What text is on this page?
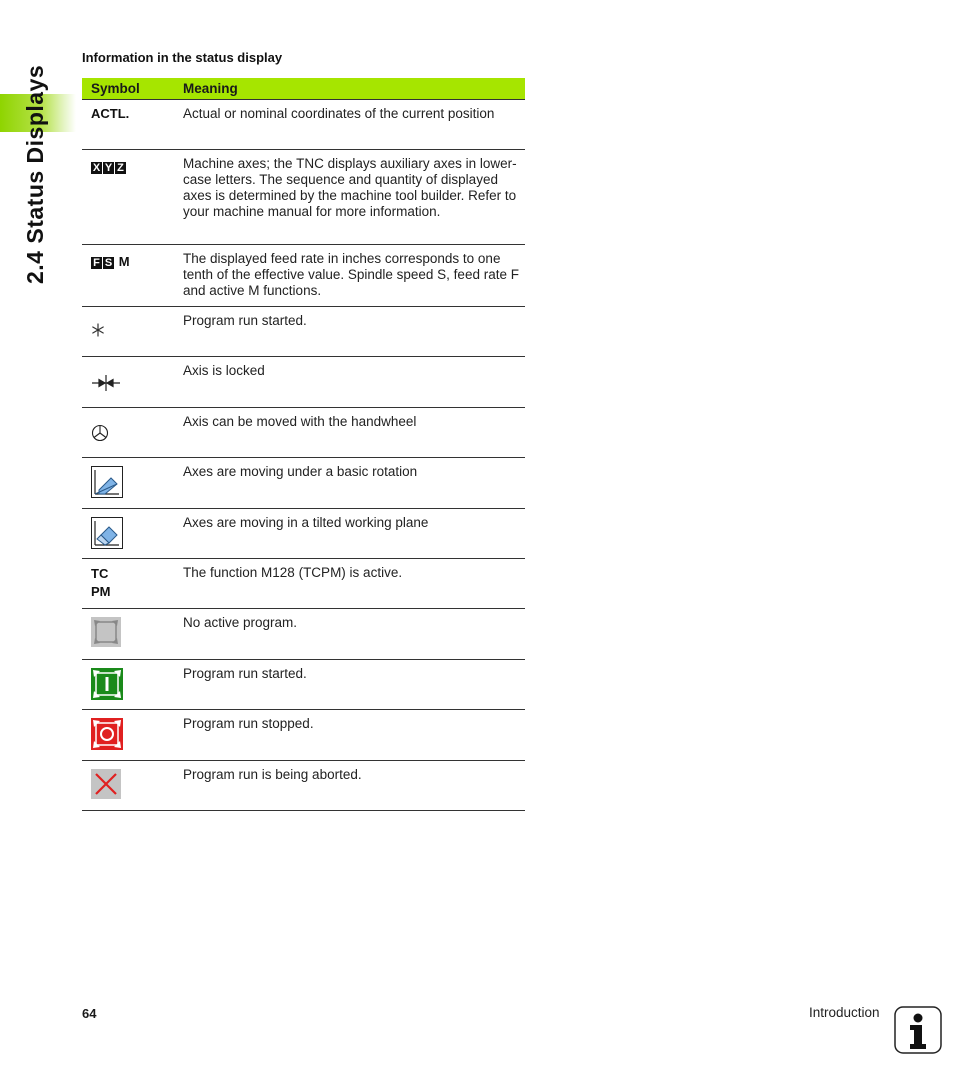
2.4 Status Displays
Information in the status display
Symbol	Meaning
ACTL.	Actual or nominal coordinates of the current position
X Y Z	Machine axes; the TNC displays auxiliary axes in lower-case letters. The sequence and quantity of displayed axes is determined by the machine tool builder. Refer to your machine manual for more information.
F S M	The displayed feed rate in inches corresponds to one tenth of the effective value. Spindle speed S, feed rate F and active M functions.
	Program run started.
	Axis is locked
	Axis can be moved with the handwheel
	Axes are moving under a basic rotation
	Axes are moving in a tilted working plane

TC
PM	The function M128 (TCPM) is active.
	No active program.
	Program run started.
	Program run stopped.
	Program run is being aborted.
64	Introduction
